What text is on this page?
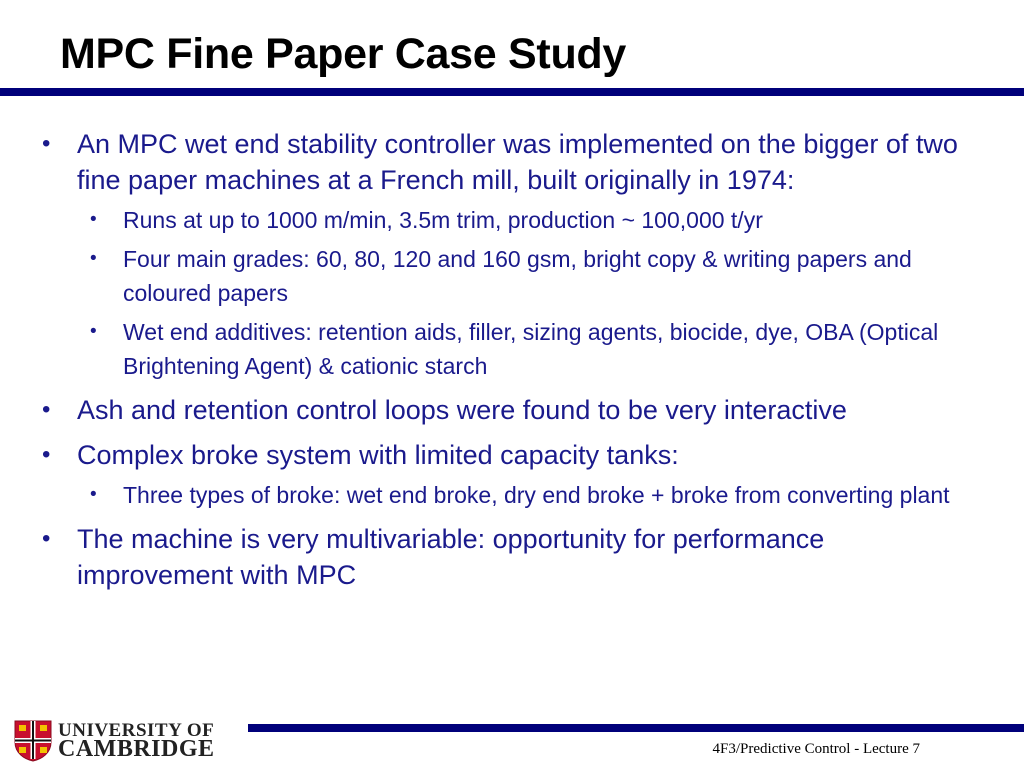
MPC Fine Paper Case Study
• An MPC wet end stability controller was implemented on the bigger of two fine paper machines at a French mill, built originally in 1974:
• Runs at up to 1000 m/min, 3.5m trim, production ~ 100,000 t/yr
• Four main grades: 60, 80, 120 and 160 gsm, bright copy & writing papers and coloured papers
• Wet end additives: retention aids, filler, sizing agents, biocide, dye, OBA (Optical Brightening Agent) & cationic starch
• Ash and retention control loops were found to be very interactive
• Complex broke system with limited capacity tanks:
• Three types of broke: wet end broke, dry end broke + broke from converting plant
• The machine is very multivariable: opportunity for performance improvement with MPC
UNIVERSITY OF
CAMBRIDGE	4F3/Predictive Control - Lecture 7
